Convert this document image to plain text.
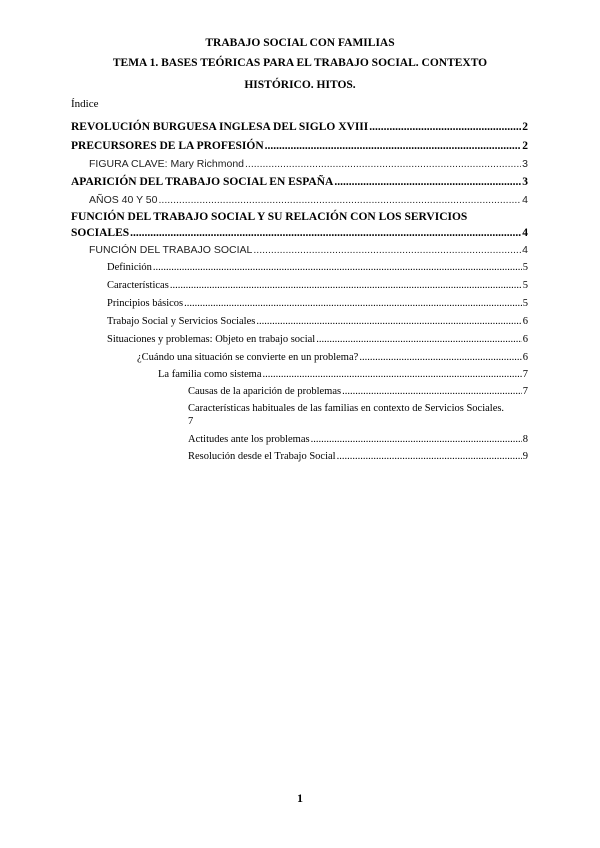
TRABAJO SOCIAL CON FAMILIAS
TEMA 1. BASES TEÓRICAS PARA EL TRABAJO SOCIAL. CONTEXTO
HISTÓRICO. HITOS.
Índice
REVOLUCIÓN BURGUESA INGLESA DEL SIGLO XVIII .....	2
PRECURSORES DE LA PROFESIÓN .....	2
FIGURA CLAVE: Mary Richmond .....	3
APARICIÓN DEL TRABAJO SOCIAL EN ESPAÑA .....	3
AÑOS 40 Y 50 .....	4
FUNCIÓN DEL TRABAJO SOCIAL Y SU RELACIÓN CON LOS SERVICIOS
SOCIALES .....	4
FUNCIÓN DEL TRABAJO SOCIAL .....	4
Definición .....	5
Características .....	5
Principios básicos .....	5
Trabajo Social y Servicios Sociales .....	6
Situaciones y problemas: Objeto en trabajo social .....	6
¿Cuándo una situación se convierte en un problema? .....	6
La familia como sistema .....	7
Causas de la aparición de problemas .....	7
Características habituales de las familias en contexto de Servicios Sociales.
7
Actitudes ante los problemas .....	8
Resolución desde el Trabajo Social .....	9
1
